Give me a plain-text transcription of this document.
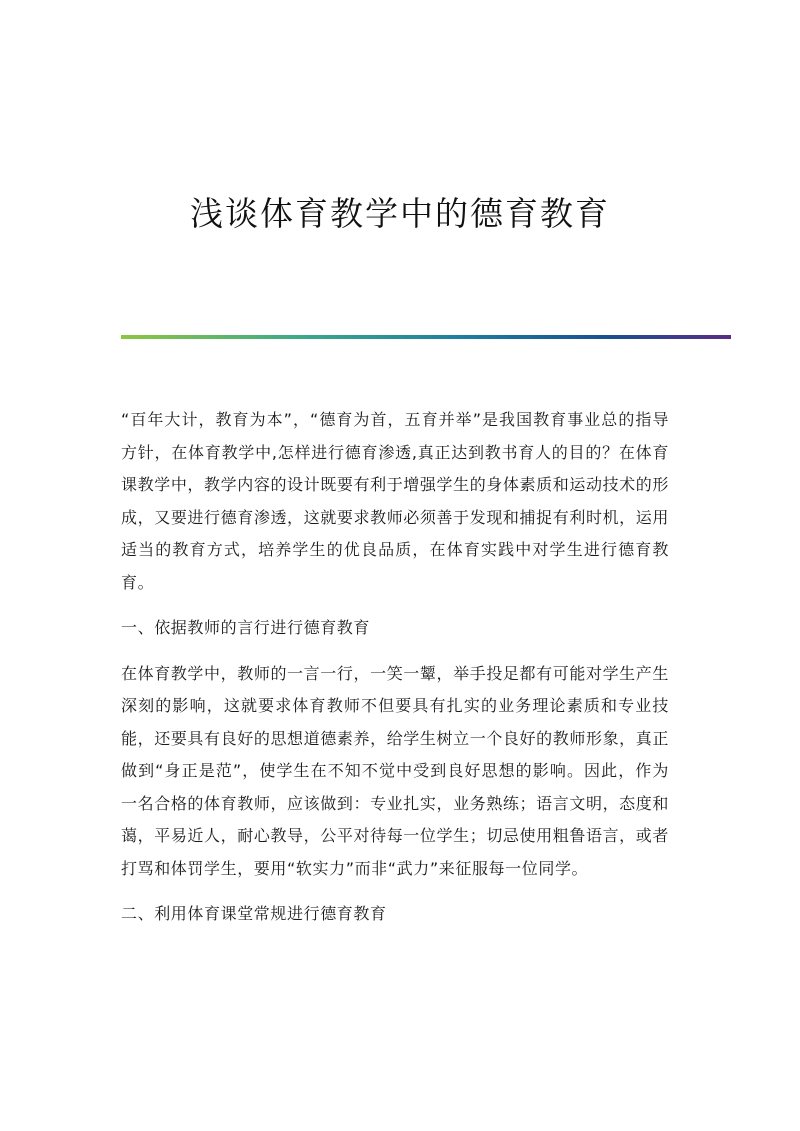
浅谈体育教学中的德育教育

“百年大计，教育为本”，“德育为首，五育并举”是我国教育事业总的指导方针，在体育教学中,怎样进行德育渗透,真正达到教书育人的目的？在体育课教学中，教学内容的设计既要有利于增强学生的身体素质和运动技术的形成，又要进行德育渗透，这就要求教师必须善于发现和捕捉有利时机，运用适当的教育方式，培养学生的优良品质，在体育实践中对学生进行德育教育。

一、依据教师的言行进行德育教育

在体育教学中，教师的一言一行，一笑一颦，举手投足都有可能对学生产生深刻的影响，这就要求体育教师不但要具有扎实的业务理论素质和专业技能，还要具有良好的思想道德素养，给学生树立一个良好的教师形象，真正做到“身正是范”，使学生在不知不觉中受到良好思想的影响。因此，作为一名合格的体育教师，应该做到：专业扎实，业务熟练；语言文明，态度和蔼，平易近人，耐心教导，公平对待每一位学生；切忌使用粗鲁语言，或者打骂和体罚学生，要用“软实力”而非“武力”来征服每一位同学。

二、利用体育课堂常规进行德育教育
